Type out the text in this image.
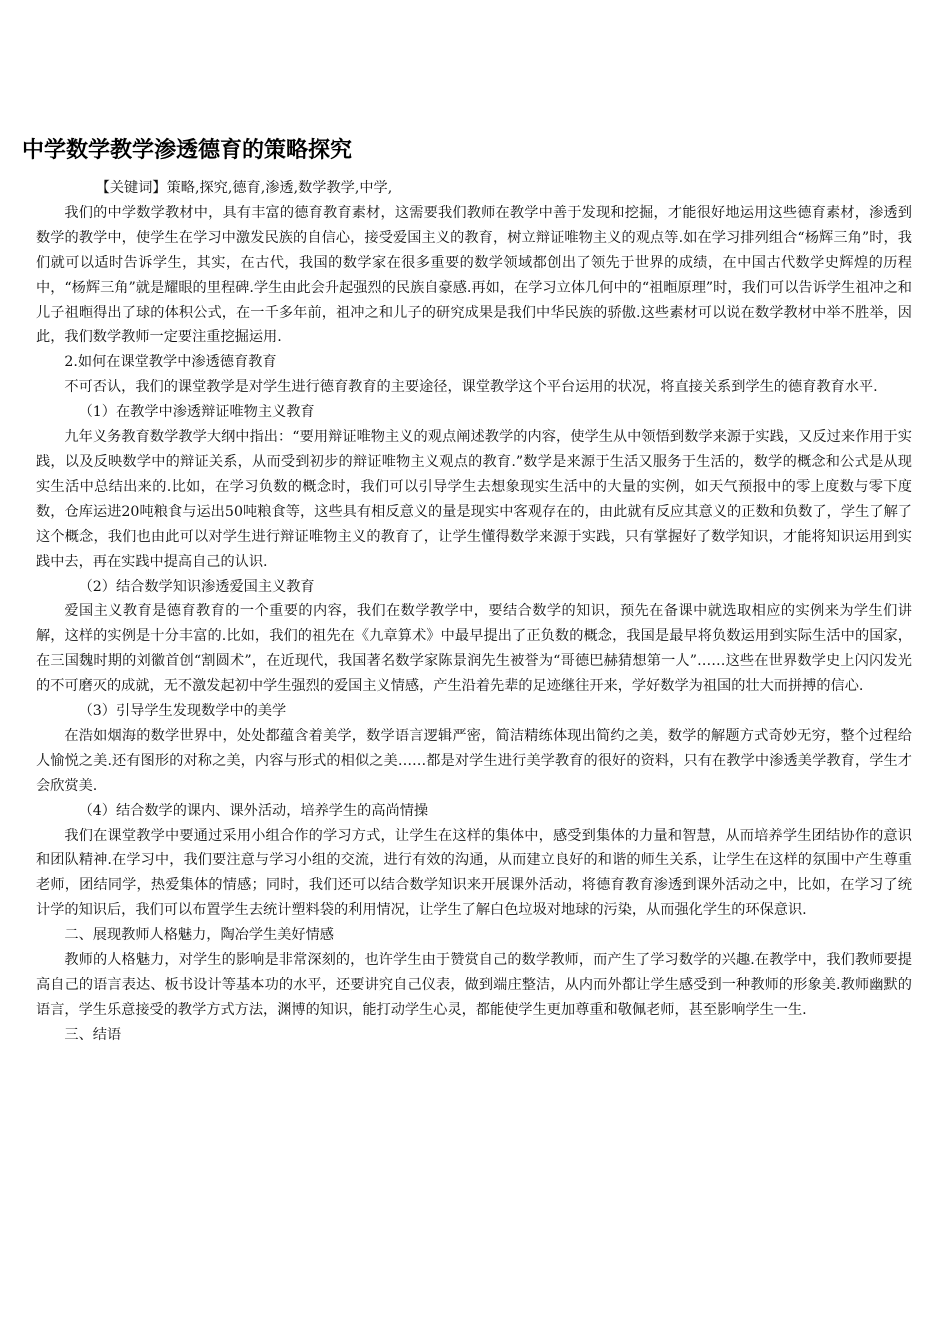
中学数学教学渗透德育的策略探究

【关键词】策略,探究,德育,渗透,数学教学,中学,

我们的中学数学教材中，具有丰富的德育教育素材，这需要我们教师在教学中善于发现和挖掘，才能很好地运用这些德育素材，渗透到数学的教学中，使学生在学习中激发民族的自信心，接受爱国主义的教育，树立辩证唯物主义的观点等.如在学习排列组合“杨辉三角”时，我们就可以适时告诉学生，其实，在古代，我国的数学家在很多重要的数学领域都创出了领先于世界的成绩，在中国古代数学史辉煌的历程中，“杨辉三角”就是耀眼的里程碑.学生由此会升起强烈的民族自豪感.再如，在学习立体几何中的“祖暅原理”时，我们可以告诉学生祖冲之和儿子祖暅得出了球的体积公式，在一千多年前，祖冲之和儿子的研究成果是我们中华民族的骄傲.这些素材可以说在数学教材中举不胜举，因此，我们数学教师一定要注重挖掘运用.

2.如何在课堂教学中渗透德育教育

不可否认，我们的课堂教学是对学生进行德育教育的主要途径，课堂教学这个平台运用的状况，将直接关系到学生的德育教育水平.

（1）在教学中渗透辩证唯物主义教育

九年义务教育数学教学大纲中指出：“要用辩证唯物主义的观点阐述教学的内容，使学生从中领悟到数学来源于实践，又反过来作用于实践，以及反映数学中的辩证关系，从而受到初步的辩证唯物主义观点的教育.”数学是来源于生活又服务于生活的，数学的概念和公式是从现实生活中总结出来的.比如，在学习负数的概念时，我们可以引导学生去想象现实生活中的大量的实例，如天气预报中的零上度数与零下度数，仓库运进20吨粮食与运出50吨粮食等，这些具有相反意义的量是现实中客观存在的，由此就有反应其意义的正数和负数了，学生了解了这个概念，我们也由此可以对学生进行辩证唯物主义的教育了，让学生懂得数学来源于实践，只有掌握好了数学知识，才能将知识运用到实践中去，再在实践中提高自己的认识.

（2）结合数学知识渗透爱国主义教育

爱国主义教育是德育教育的一个重要的内容，我们在数学教学中，要结合数学的知识，预先在备课中就选取相应的实例来为学生们讲解，这样的实例是十分丰富的.比如，我们的祖先在《九章算术》中最早提出了正负数的概念，我国是最早将负数运用到实际生活中的国家，在三国魏时期的刘徽首创“割圆术”，在近现代，我国著名数学家陈景润先生被誉为“哥德巴赫猜想第一人”……这些在世界数学史上闪闪发光的不可磨灭的成就，无不激发起初中学生强烈的爱国主义情感，产生沿着先辈的足迹继往开来，学好数学为祖国的壮大而拼搏的信心.

（3）引导学生发现数学中的美学

在浩如烟海的数学世界中，处处都蕴含着美学，数学语言逻辑严密，简洁精练体现出简约之美，数学的解题方式奇妙无穷，整个过程给人愉悦之美.还有图形的对称之美，内容与形式的相似之美……都是对学生进行美学教育的很好的资料，只有在教学中渗透美学教育，学生才会欣赏美.

（4）结合数学的课内、课外活动，培养学生的高尚情操

我们在课堂教学中要通过采用小组合作的学习方式，让学生在这样的集体中，感受到集体的力量和智慧，从而培养学生团结协作的意识和团队精神.在学习中，我们要注意与学习小组的交流，进行有效的沟通，从而建立良好的和谐的师生关系，让学生在这样的氛围中产生尊重老师，团结同学，热爱集体的情感；同时，我们还可以结合数学知识来开展课外活动，将德育教育渗透到课外活动之中，比如，在学习了统计学的知识后，我们可以布置学生去统计塑料袋的利用情况，让学生了解白色垃圾对地球的污染，从而强化学生的环保意识.

二、展现教师人格魅力，陶冶学生美好情感

教师的人格魅力，对学生的影响是非常深刻的，也许学生由于赞赏自己的数学教师，而产生了学习数学的兴趣.在教学中，我们教师要提高自己的语言表达、板书设计等基本功的水平，还要讲究自己仪表，做到端庄整洁，从内而外都让学生感受到一种教师的形象美.教师幽默的语言，学生乐意接受的教学方式方法，渊博的知识，能打动学生心灵，都能使学生更加尊重和敬佩老师，甚至影响学生一生.

三、结语
